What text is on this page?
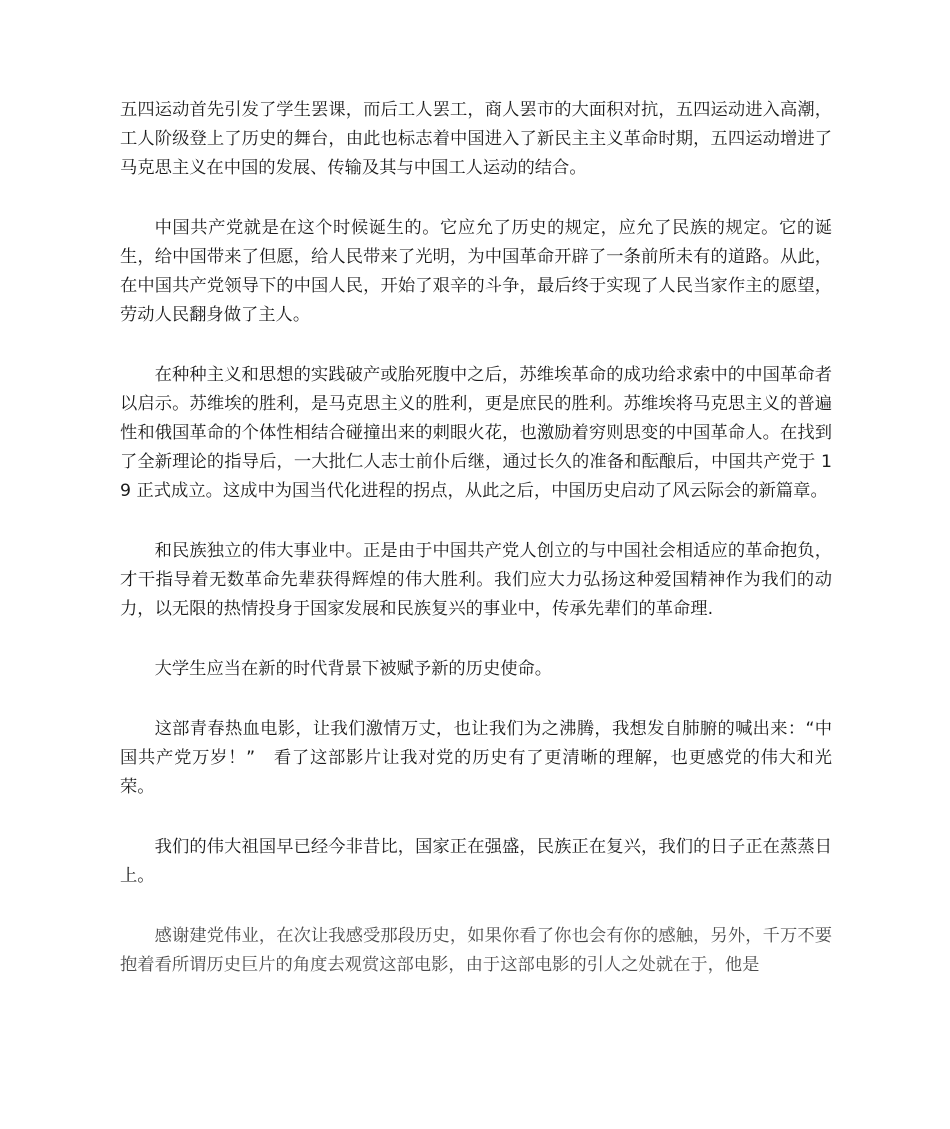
五四运动首先引发了学生罢课，而后工人罢工，商人罢市的大面积对抗，五四运动进入高潮，工人阶级登上了历史的舞台，由此也标志着中国进入了新民主主义革命时期，五四运动增进了马克思主义在中国的发展、传输及其与中国工人运动的结合。

中国共产党就是在这个时候诞生的。它应允了历史的规定，应允了民族的规定。它的诞生，给中国带来了但愿，给人民带来了光明，为中国革命开辟了一条前所未有的道路。从此，在中国共产党领导下的中国人民，开始了艰辛的斗争，最后终于实现了人民当家作主的愿望，劳动人民翻身做了主人。

在种种主义和思想的实践破产或胎死腹中之后，苏维埃革命的成功给求索中的中国革命者以启示。苏维埃的胜利，是马克思主义的胜利，更是庶民的胜利。苏维埃将马克思主义的普遍性和俄国革命的个体性相结合碰撞出来的刺眼火花，也激励着穷则思变的中国革命人。在找到了全新理论的指导后，一大批仁人志士前仆后继，通过长久的准备和酝酿后，中国共产党于 19 正式成立。这成中为国当代化进程的拐点，从此之后，中国历史启动了风云际会的新篇章。

和民族独立的伟大事业中。正是由于中国共产党人创立的与中国社会相适应的革命抱负，才干指导着无数革命先辈获得辉煌的伟大胜利。我们应大力弘扬这种爱国精神作为我们的动力，以无限的热情投身于国家发展和民族复兴的事业中，传承先辈们的革命理.

大学生应当在新的时代背景下被赋予新的历史使命。

这部青春热血电影，让我们激情万丈，也让我们为之沸腾，我想发自肺腑的喊出来：“中国共产党万岁！”　看了这部影片让我对党的历史有了更清晰的理解，也更感党的伟大和光荣。

我们的伟大祖国早已经今非昔比，国家正在强盛，民族正在复兴，我们的日子正在蒸蒸日上。

感谢建党伟业，在次让我感受那段历史，如果你看了你也会有你的感触，另外，千万不要抱着看所谓历史巨片的角度去观赏这部电影，由于这部电影的引人之处就在于，他是
